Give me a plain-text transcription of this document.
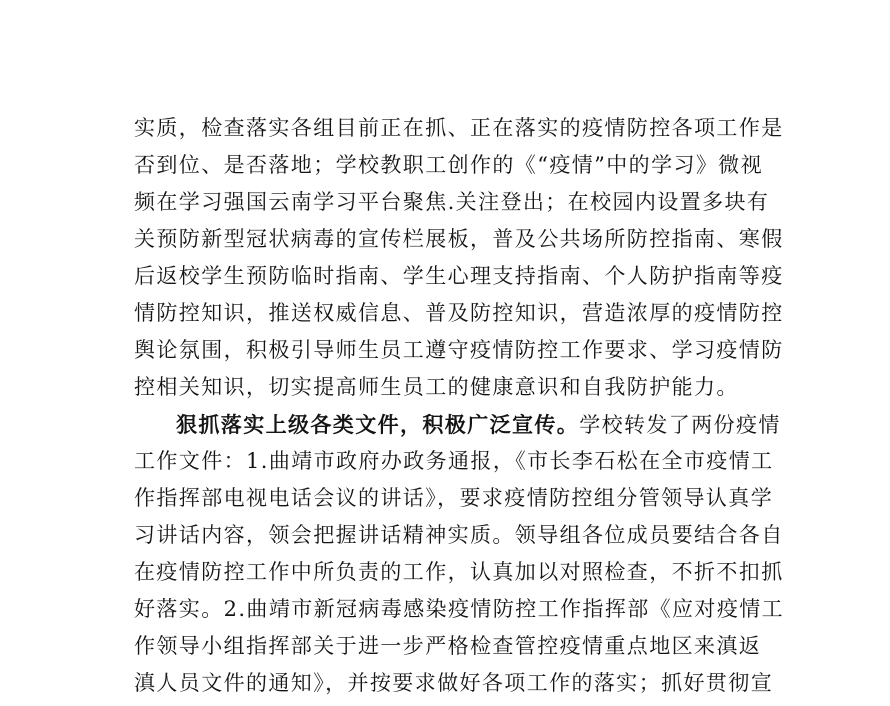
实质，检查落实各组目前正在抓、正在落实的疫情防控各项工作是
否到位、是否落地；学校教职工创作的《“疫情”中的学习》微视
频在学习强国云南学习平台聚焦.关注登出；在校园内设置多块有
关预防新型冠状病毒的宣传栏展板，普及公共场所防控指南、寒假
后返校学生预防临时指南、学生心理支持指南、个人防护指南等疫
情防控知识，推送权威信息、普及防控知识，营造浓厚的疫情防控
舆论氛围，积极引导师生员工遵守疫情防控工作要求、学习疫情防
控相关知识，切实提高师生员工的健康意识和自我防护能力。
狠抓落实上级各类文件，积极广泛宣传。学校转发了两份疫情
工作文件：1.曲靖市政府办政务通报，《市长李石松在全市疫情工
作指挥部电视电话会议的讲话》，要求疫情防控组分管领导认真学
习讲话内容，领会把握讲话精神实质。领导组各位成员要结合各自
在疫情防控工作中所负责的工作，认真加以对照检查，不折不扣抓
好落实。2.曲靖市新冠病毒感染疫情防控工作指挥部《应对疫情工
作领导小组指挥部关于进一步严格检查管控疫情重点地区来滇返
滇人员文件的通知》，并按要求做好各项工作的落实；抓好贯彻宣
